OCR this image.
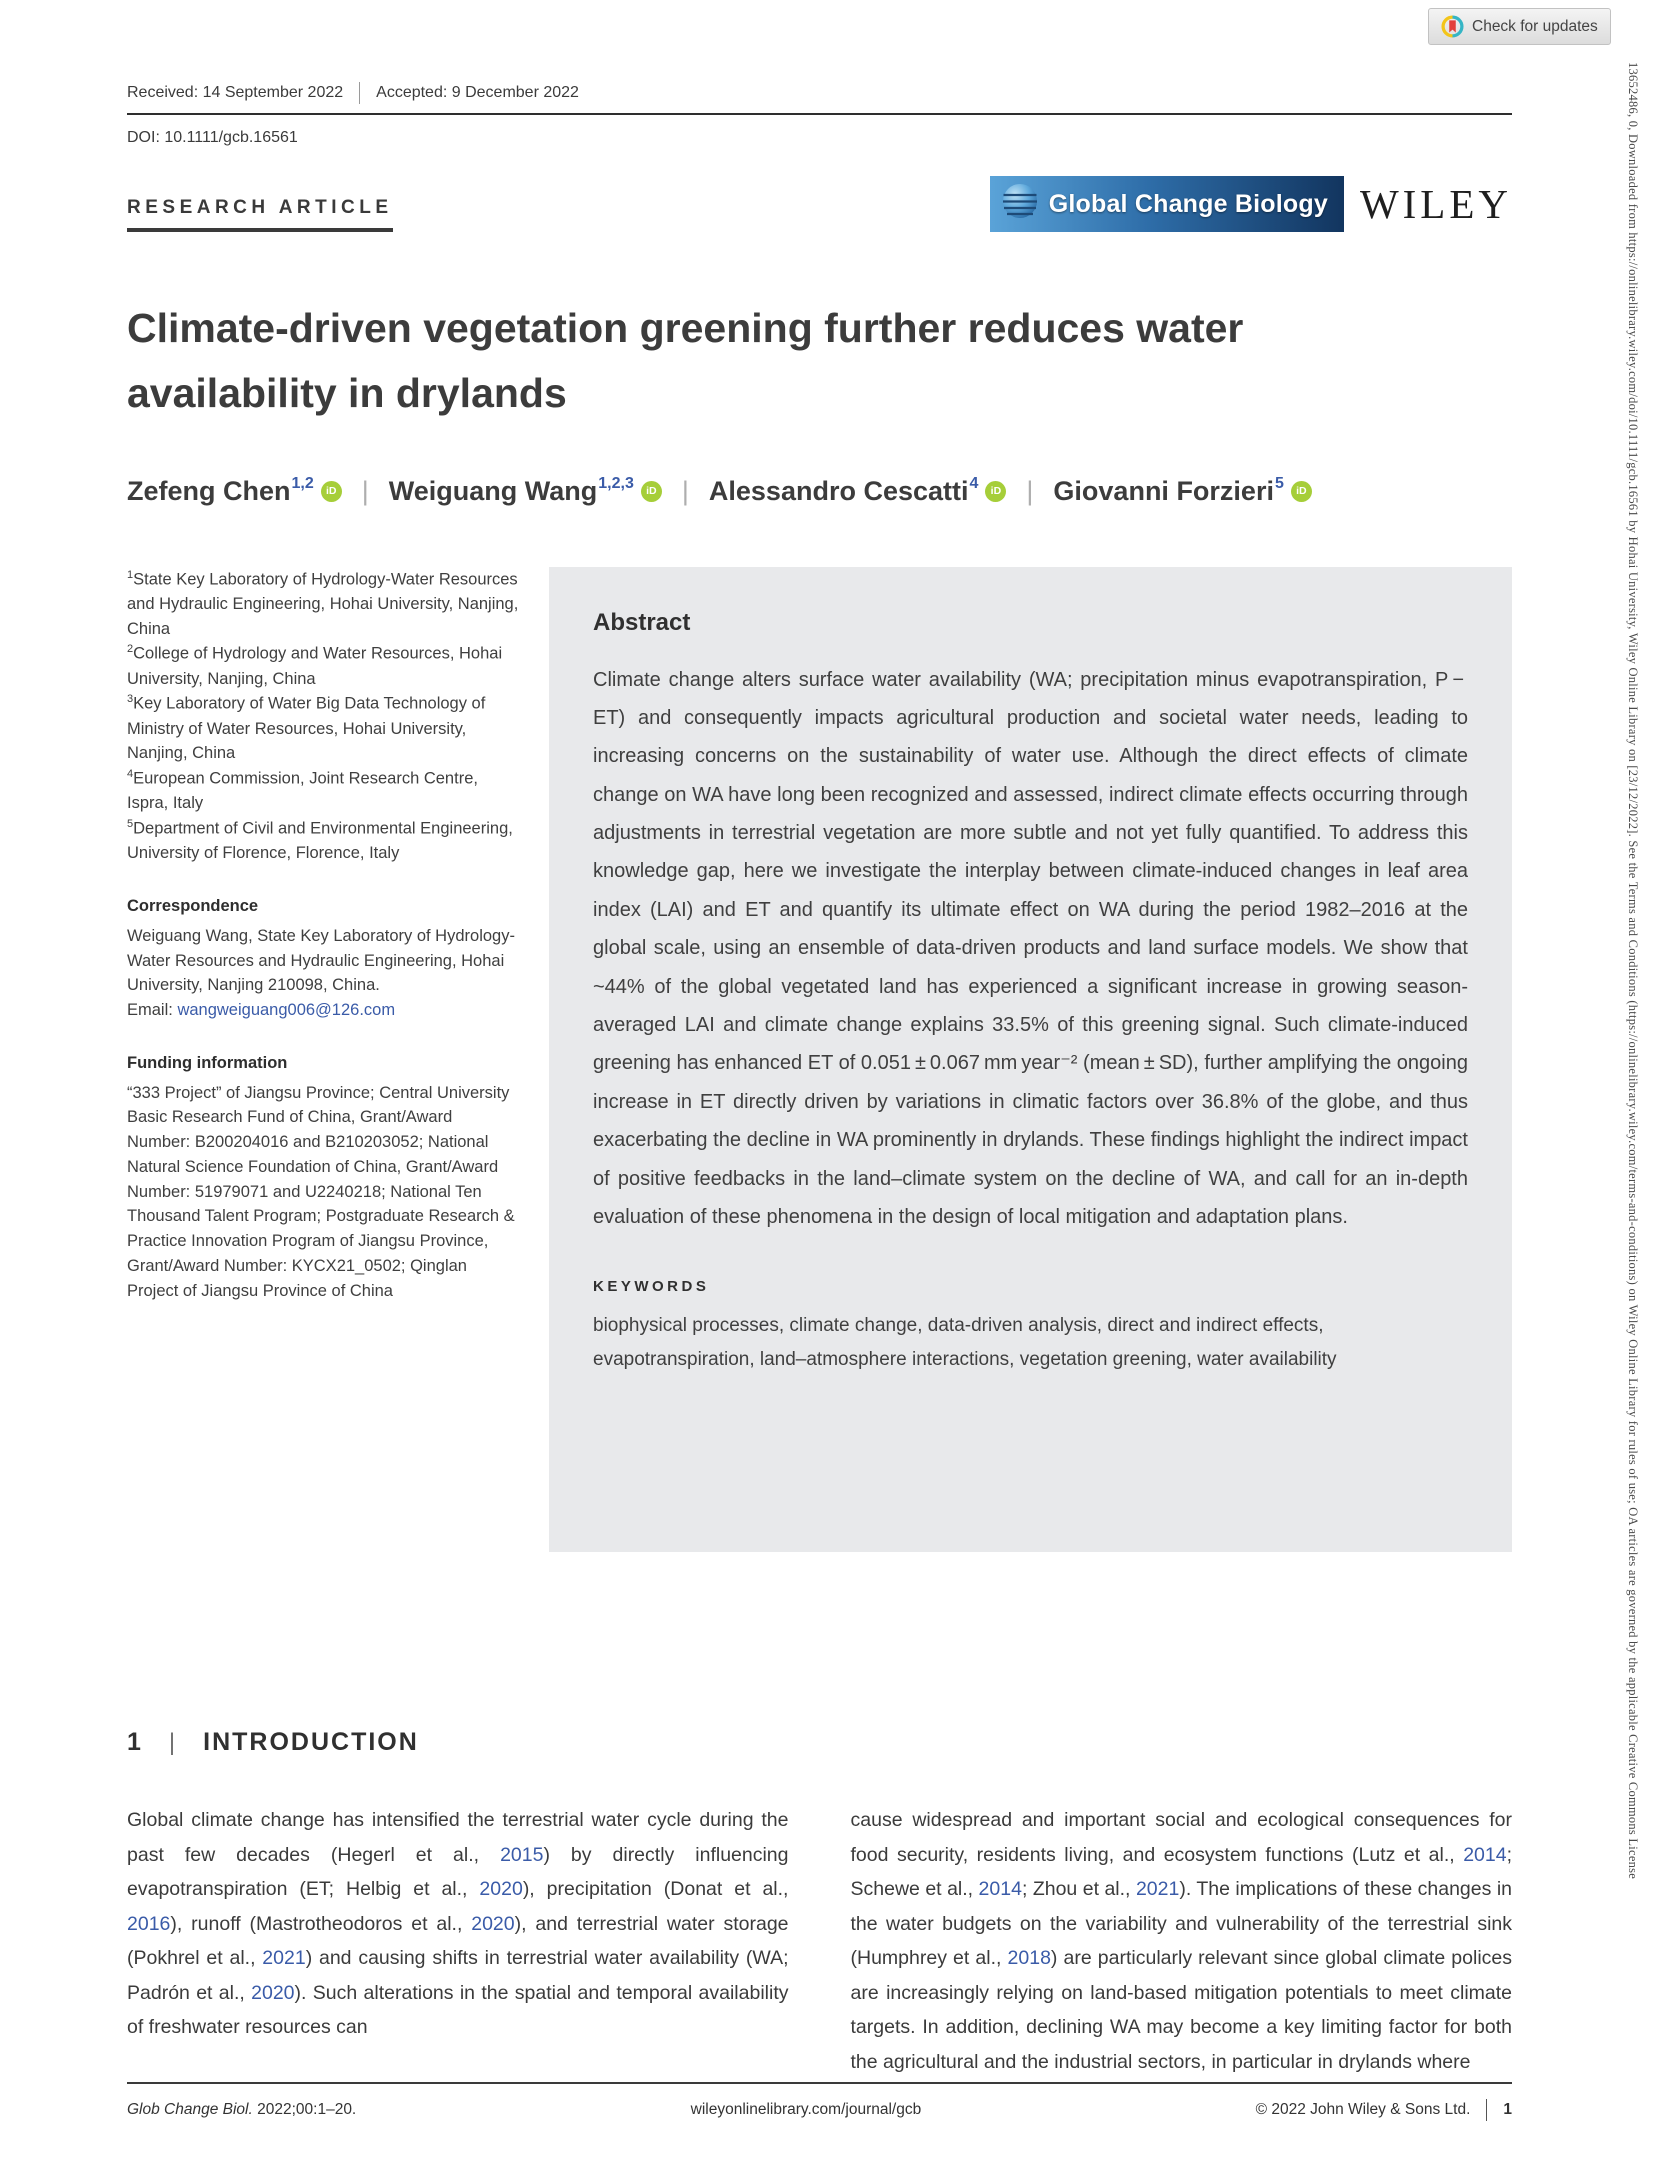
Check for updates
13652486, 0, Downloaded from https://onlinelibrary.wiley.com/doi/10.1111/gcb.16561 by Hohai University, Wiley Online Library on [23/12/2022]. See the Terms and Conditions (https://onlinelibrary.wiley.com/terms-and-conditions) on Wiley Online Library for rules of use; OA articles are governed by the applicable Creative Commons License
Received: 14 September 2022 Accepted: 9 December 2022
DOI: 10.1111/gcb.16561
RESEARCH ARTICLE	Global Change Biology WILEY
Climate-driven vegetation greening further reduces water availability in drylands
Zefeng Chen$^{1,2}$	iD | Weiguang Wang$^{1,2,3}$	iD | Alessandro Cescatti$^4$	iD | Giovanni Forzieri$^5$	iD

$^1$State Key Laboratory of Hydrology-Water Resources and Hydraulic Engineering, Hohai University, Nanjing, China

$^2$College of Hydrology and Water Resources, Hohai University, Nanjing, China

$^3$Key Laboratory of Water Big Data Technology of Ministry of Water Resources, Hohai University, Nanjing, China

$^4$European Commission, Joint Research Centre, Ispra, Italy

$^5$Department of Civil and Environmental Engineering, University of Florence, Florence, Italy

Correspondence

Weiguang Wang, State Key Laboratory of Hydrology-Water Resources and Hydraulic Engineering, Hohai University, Nanjing 210098, China.

Email: wangweiguang006@126.com

Funding information

“333 Project” of Jiangsu Province; Central University Basic Research Fund of China, Grant/Award Number: B200204016 and B210203052; National Natural Science Foundation of China, Grant/Award Number: 51979071 and U2240218; National Ten Thousand Talent Program; Postgraduate Research & Practice Innovation Program of Jiangsu Province, Grant/Award Number: KYCX21_0502; Qinglan Project of Jiangsu Province of China

Abstract

Climate change alters surface water availability (WA; precipitation minus evapotranspiration, P − ET) and consequently impacts agricultural production and societal water needs, leading to increasing concerns on the sustainability of water use. Although the direct effects of climate change on WA have long been recognized and assessed, indirect climate effects occurring through adjustments in terrestrial vegetation are more subtle and not yet fully quantified. To address this knowledge gap, here we investigate the interplay between climate-induced changes in leaf area index (LAI) and ET and quantify its ultimate effect on WA during the period 1982–2016 at the global scale, using an ensemble of data-driven products and land surface models. We show that ~44% of the global vegetated land has experienced a significant increase in growing season-averaged LAI and climate change explains 33.5% of this greening signal. Such climate-induced greening has enhanced ET of 0.051 ± 0.067 mm year⁻² (mean ± SD), further amplifying the ongoing increase in ET directly driven by variations in climatic factors over 36.8% of the globe, and thus exacerbating the decline in WA prominently in drylands. These findings highlight the indirect impact of positive feedbacks in the land–climate system on the decline of WA, and call for an in-depth evaluation of these phenomena in the design of local mitigation and adaptation plans.

KEYWORDS

biophysical processes, climate change, data-driven analysis, direct and indirect effects, evapotranspiration, land–atmosphere interactions, vegetation greening, water availability

1 | INTRODUCTION

Global climate change has intensified the terrestrial water cycle during the past few decades (Hegerl et al., 2015) by directly influencing evapotranspiration (ET; Helbig et al., 2020), precipitation (Donat et al., 2016), runoff (Mastrotheodoros et al., 2020), and terrestrial water storage (Pokhrel et al., 2021) and causing shifts in terrestrial water availability (WA; Padrón et al., 2020). Such alterations in the spatial and temporal availability of freshwater resources can

cause widespread and important social and ecological consequences for food security, residents living, and ecosystem functions (Lutz et al., 2014; Schewe et al., 2014; Zhou et al., 2021). The implications of these changes in the water budgets on the variability and vulnerability of the terrestrial sink (Humphrey et al., 2018) are particularly relevant since global climate polices are increasingly relying on land-based mitigation potentials to meet climate targets. In addition, declining WA may become a key limiting factor for both the agricultural and the industrial sectors, in particular in drylands where

Glob Change Biol. 2022;00:1–20.	wileyonlinelibrary.com/journal/gcb	© 2022 John Wiley & Sons Ltd.	1
